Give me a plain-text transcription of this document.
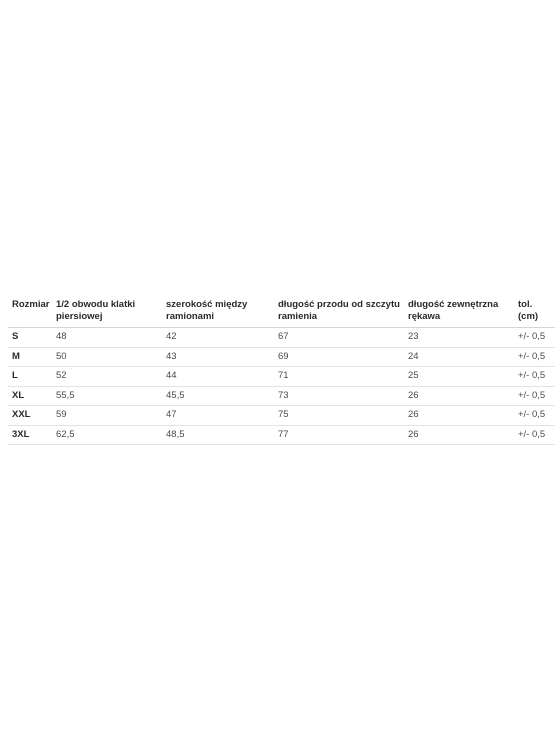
Rozmiar	1/2 obwodu klatki piersiowej	szerokość między ramionami	długość przodu od szczytu ramienia	długość zewnętrzna rękawa	tol. (cm)
S	48	42	67	23	+/- 0,5
M	50	43	69	24	+/- 0,5
L	52	44	71	25	+/- 0,5
XL	55,5	45,5	73	26	+/- 0,5
XXL	59	47	75	26	+/- 0,5
3XL	62,5	48,5	77	26	+/- 0,5
